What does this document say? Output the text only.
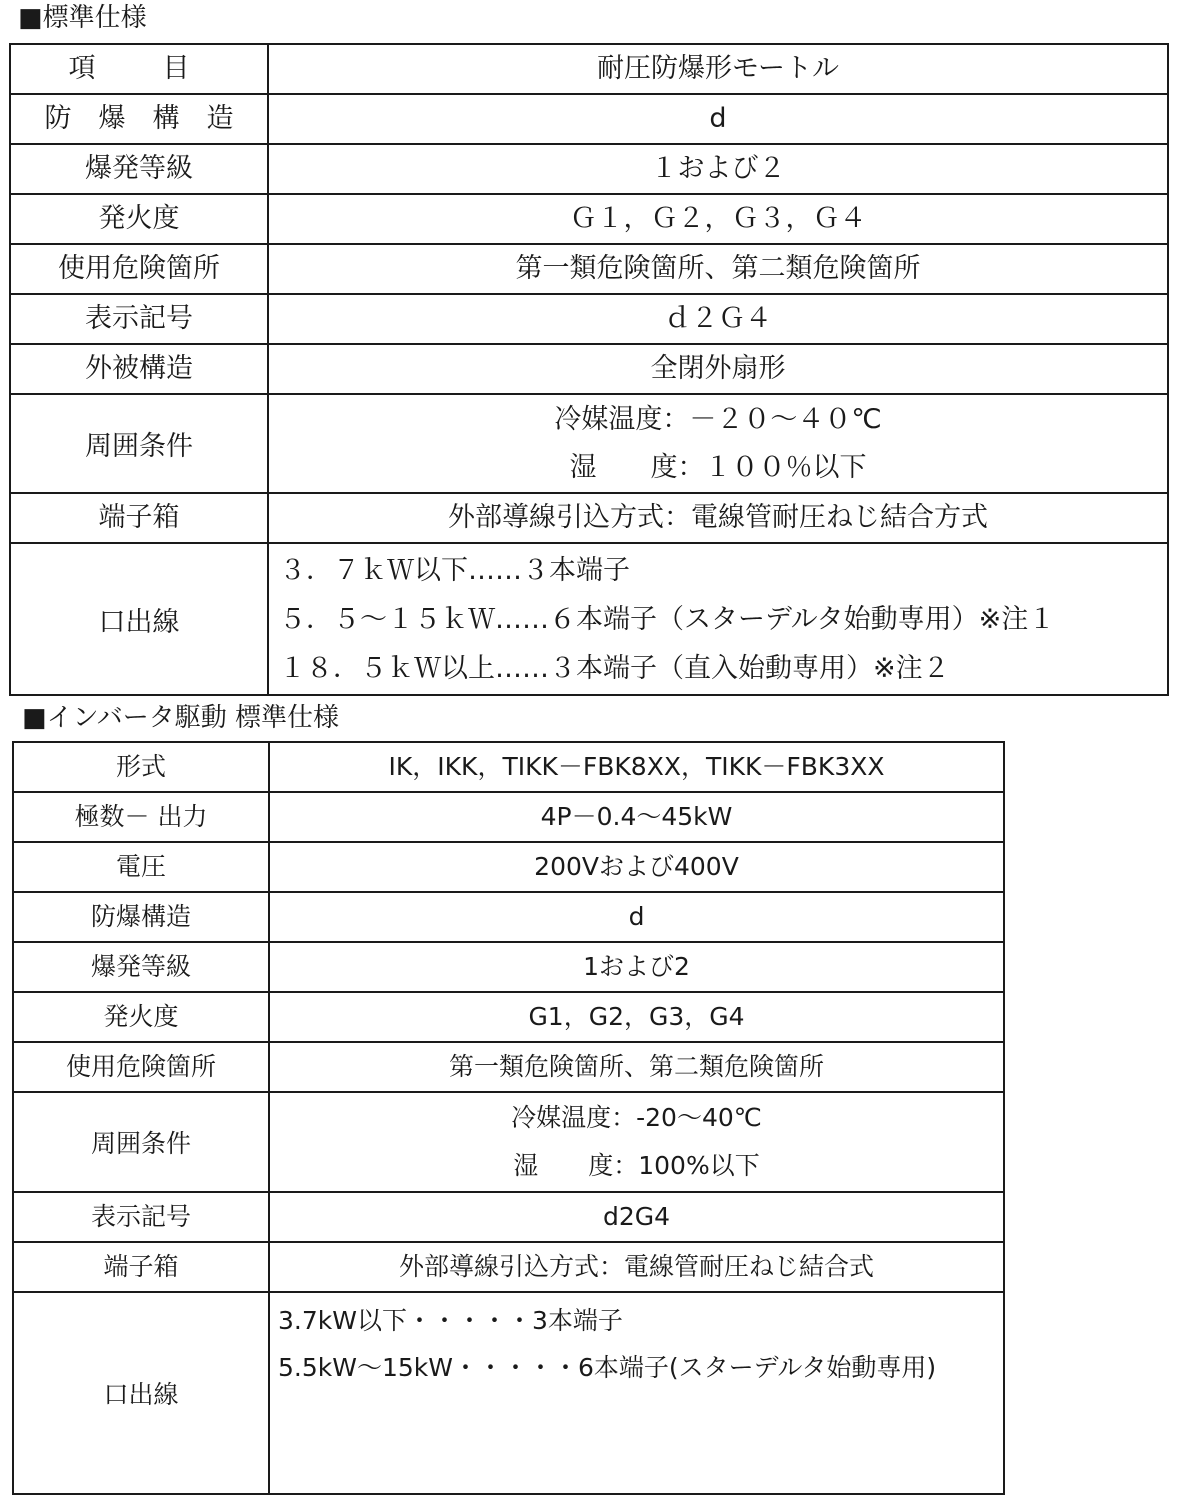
■標準仕様
項　目	耐圧防爆形モートル
防　爆　構　造	d
爆発等級	１および２
発火度	Ｇ１，Ｇ２，Ｇ３，Ｇ４
使用危険箇所	第一類危険箇所、第二類危険箇所
表示記号	ｄ２Ｇ４
外被構造	全閉外扇形
周囲条件	冷媒温度：－２０～４０℃
湿　　度：１００％以下

端子箱	外部導線引込方式：電線管耐圧ねじ結合方式
口出線	３．７ｋＷ以下……３本端子
５．５～１５ｋＷ……６本端子（スターデルタ始動専用）※注１
１８．５ｋＷ以上……３本端子（直入始動専用）※注２
■インバータ駆動 標準仕様
形式	IK，IKK，TIKK－FBK8XX，TIKK－FBK3XX
極数－ 出力	4P－0.4～45kW
電圧	200Vおよび400V
防爆構造	d
爆発等級	1および2
発火度	G1，G2，G3，G4
使用危険箇所	第一類危険箇所、第二類危険箇所
周囲条件	冷媒温度：-20～40℃
湿　　度：100%以下

表示記号	d2G4
端子箱	外部導線引込方式：電線管耐圧ねじ結合式
口出線	3.7kW以下・・・・・3本端子
5.5kW～15kW・・・・・6本端子(スターデルタ始動専用)
